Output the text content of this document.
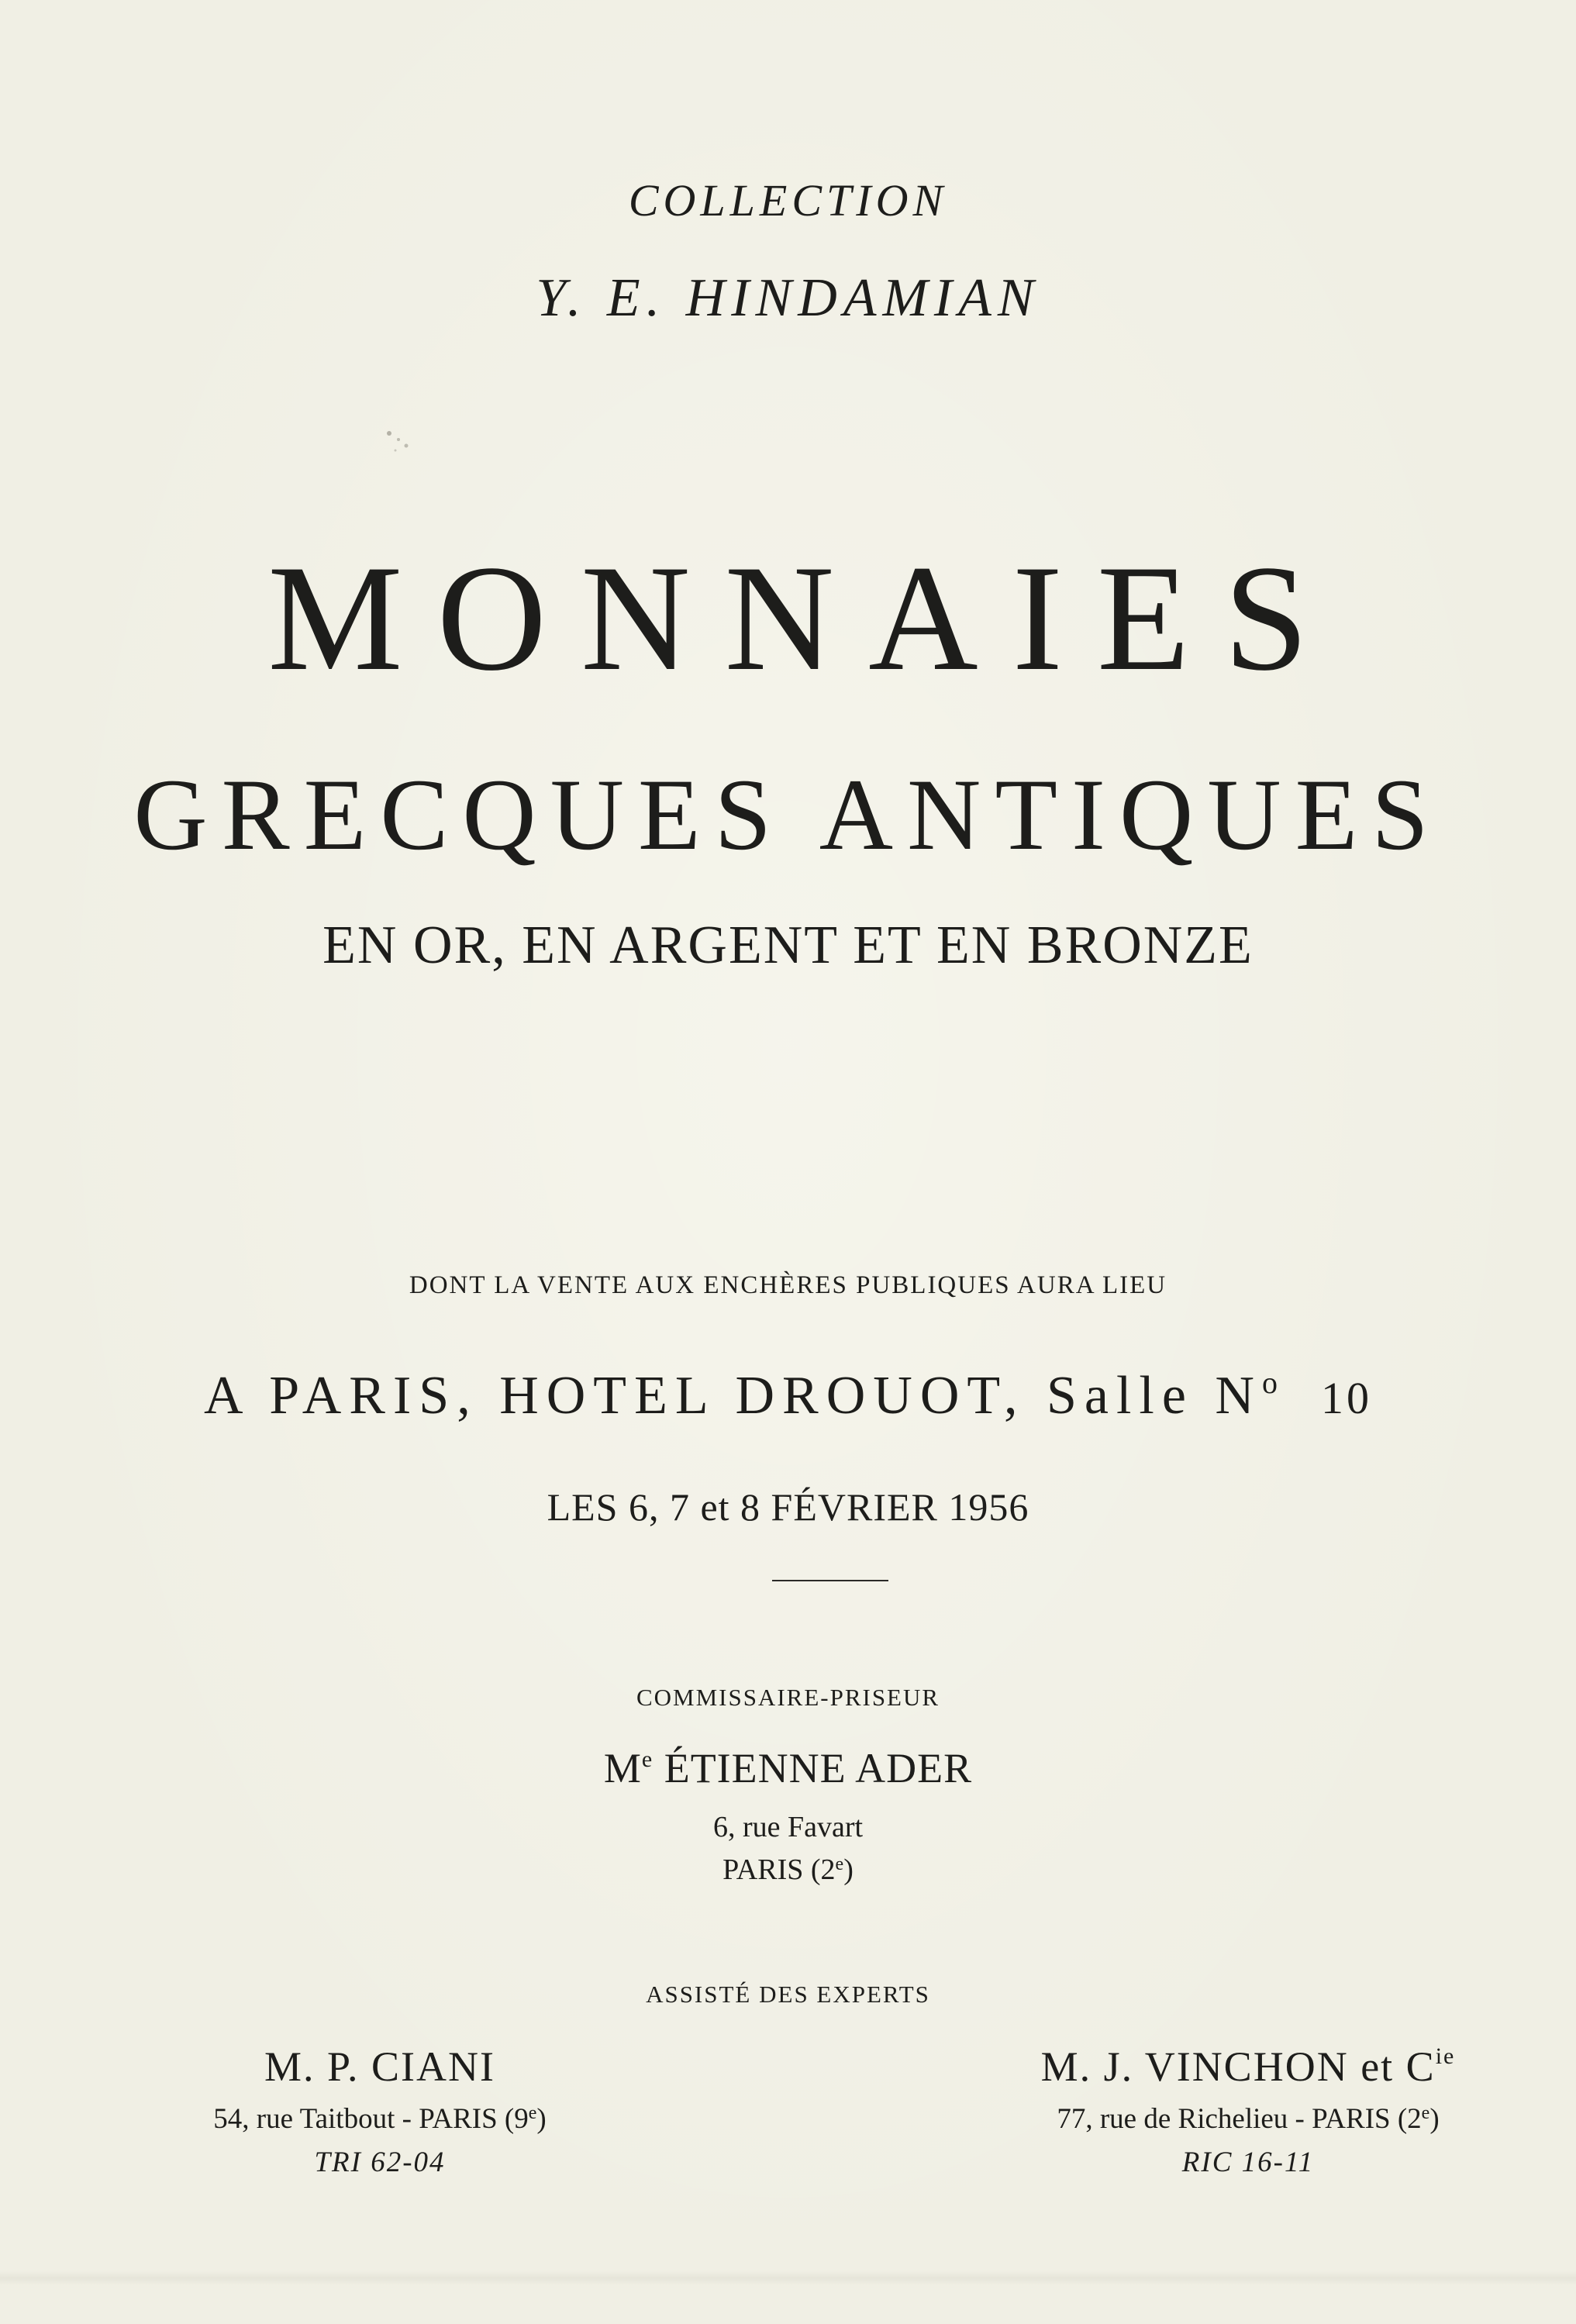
COLLECTION
Y. E. HINDAMIAN
MONNAIES
GRECQUES ANTIQUES
EN OR, EN ARGENT ET EN BRONZE
DONT LA VENTE AUX ENCHÈRES PUBLIQUES AURA LIEU
A PARIS, HOTEL DROUOT, Salle $N^o$ 10
LES 6, 7 et 8 FÉVRIER 1956
COMMISSAIRE-PRISEUR
Me ÉTIENNE ADER
6, rue Favart
PARIS (2e)
ASSISTÉ DES EXPERTS
M. P. CIANI
54, rue Taitbout - PARIS (9e)
TRI 62-04
M. J. VINCHON et $C^{ie}$
77, rue de Richelieu - PARIS (2e)
RIC 16-11
